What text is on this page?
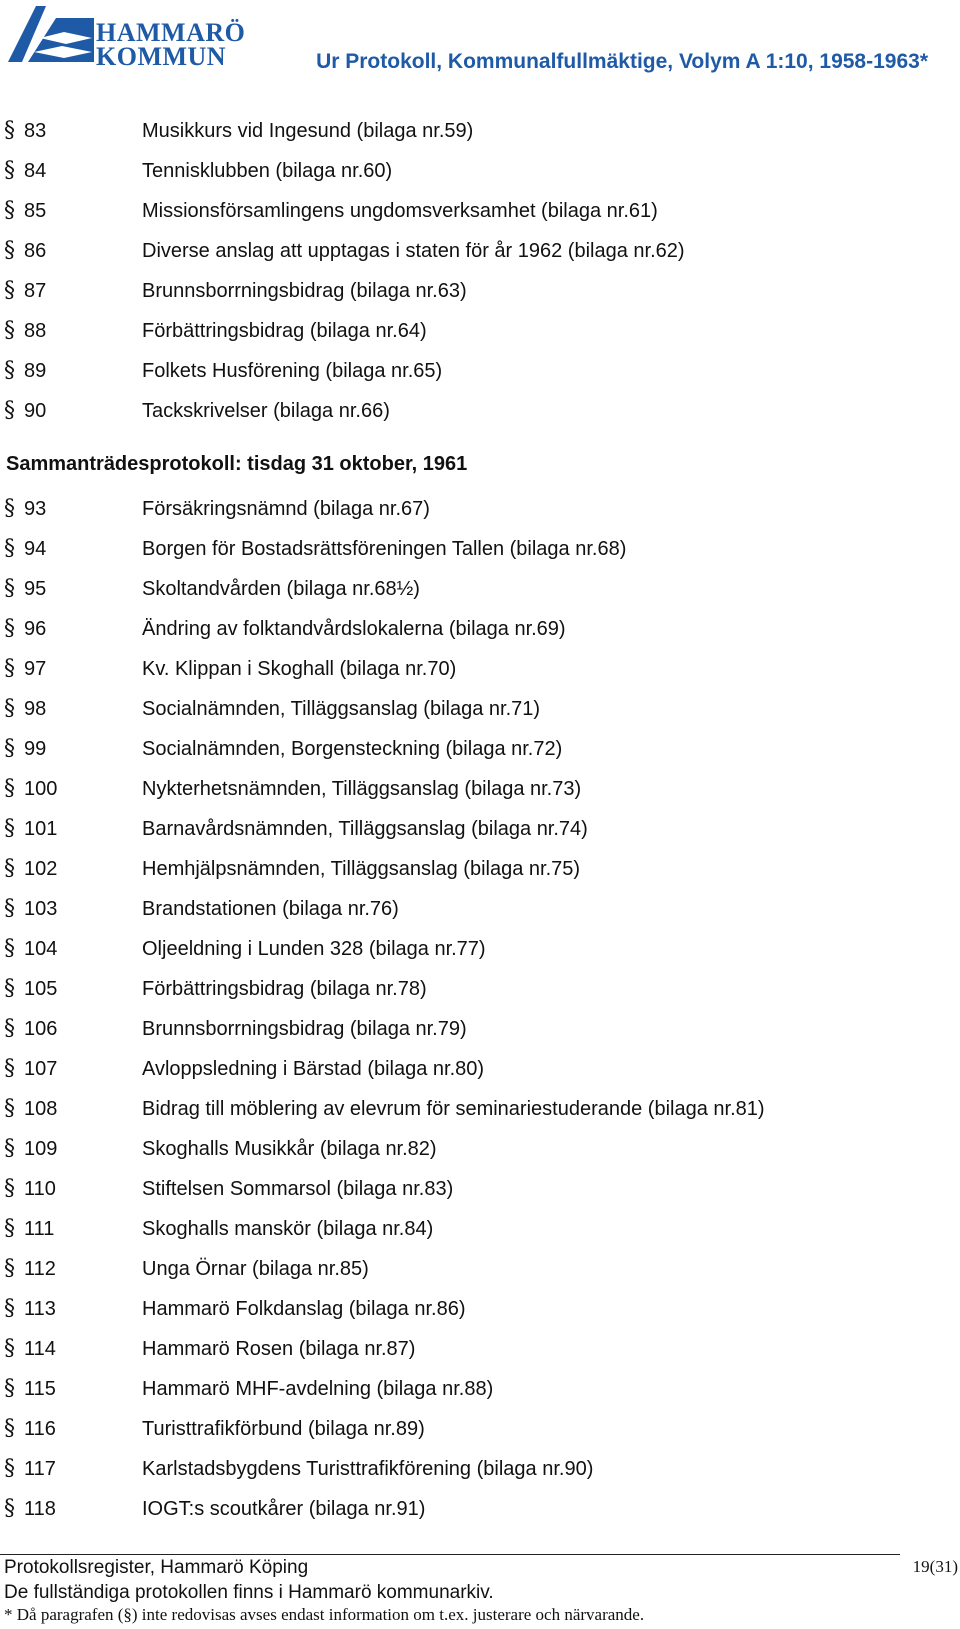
HAMMARÖ
KOMMUN	Ur Protokoll, Kommunalfullmäktige, Volym A 1:10, 1958-1963*
§ 83	Musikkurs vid Ingesund (bilaga nr.59)
§ 84	Tennisklubben (bilaga nr.60)
§ 85	Missionsförsamlingens ungdomsverksamhet (bilaga nr.61)
§ 86	Diverse anslag att upptagas i staten för år 1962 (bilaga nr.62)
§ 87	Brunnsborrningsbidrag (bilaga nr.63)
§ 88	Förbättringsbidrag (bilaga nr.64)
§ 89	Folkets Husförening (bilaga nr.65)
§ 90	Tackskrivelser (bilaga nr.66)
Sammanträdesprotokoll: tisdag 31 oktober, 1961
§ 93	Försäkringsnämnd (bilaga nr.67)
§ 94	Borgen för Bostadsrättsföreningen Tallen (bilaga nr.68)
§ 95	Skoltandvården (bilaga nr.68½)
§ 96	Ändring av folktandvårdslokalerna (bilaga nr.69)
§ 97	Kv. Klippan i Skoghall (bilaga nr.70)
§ 98	Socialnämnden, Tilläggsanslag (bilaga nr.71)
§ 99	Socialnämnden, Borgensteckning (bilaga nr.72)
§ 100	Nykterhetsnämnden, Tilläggsanslag (bilaga nr.73)
§ 101	Barnavårdsnämnden, Tilläggsanslag (bilaga nr.74)
§ 102	Hemhjälpsnämnden, Tilläggsanslag (bilaga nr.75)
§ 103	Brandstationen (bilaga nr.76)
§ 104	Oljeeldning i Lunden 328 (bilaga nr.77)
§ 105	Förbättringsbidrag (bilaga nr.78)
§ 106	Brunnsborrningsbidrag (bilaga nr.79)
§ 107	Avloppsledning i Bärstad (bilaga nr.80)
§ 108	Bidrag till möblering av elevrum för seminariestuderande (bilaga nr.81)
§ 109	Skoghalls Musikkår (bilaga nr.82)
§ 110	Stiftelsen Sommarsol (bilaga nr.83)
§ 111	Skoghalls manskör (bilaga nr.84)
§ 112	Unga Örnar (bilaga nr.85)
§ 113	Hammarö Folkdanslag (bilaga nr.86)
§ 114	Hammarö Rosen (bilaga nr.87)
§ 115	Hammarö MHF-avdelning (bilaga nr.88)
§ 116	Turisttrafikförbund (bilaga nr.89)
§ 117	Karlstadsbygdens Turisttrafikförening (bilaga nr.90)
§ 118	IOGT:s scoutkårer (bilaga nr.91)
Protokollsregister, Hammarö Köping
De fullständiga protokollen finns i Hammarö kommunarkiv.
* Då paragrafen (§) inte redovisas avses endast information om t.ex. justerare och närvarande.
19(31)
